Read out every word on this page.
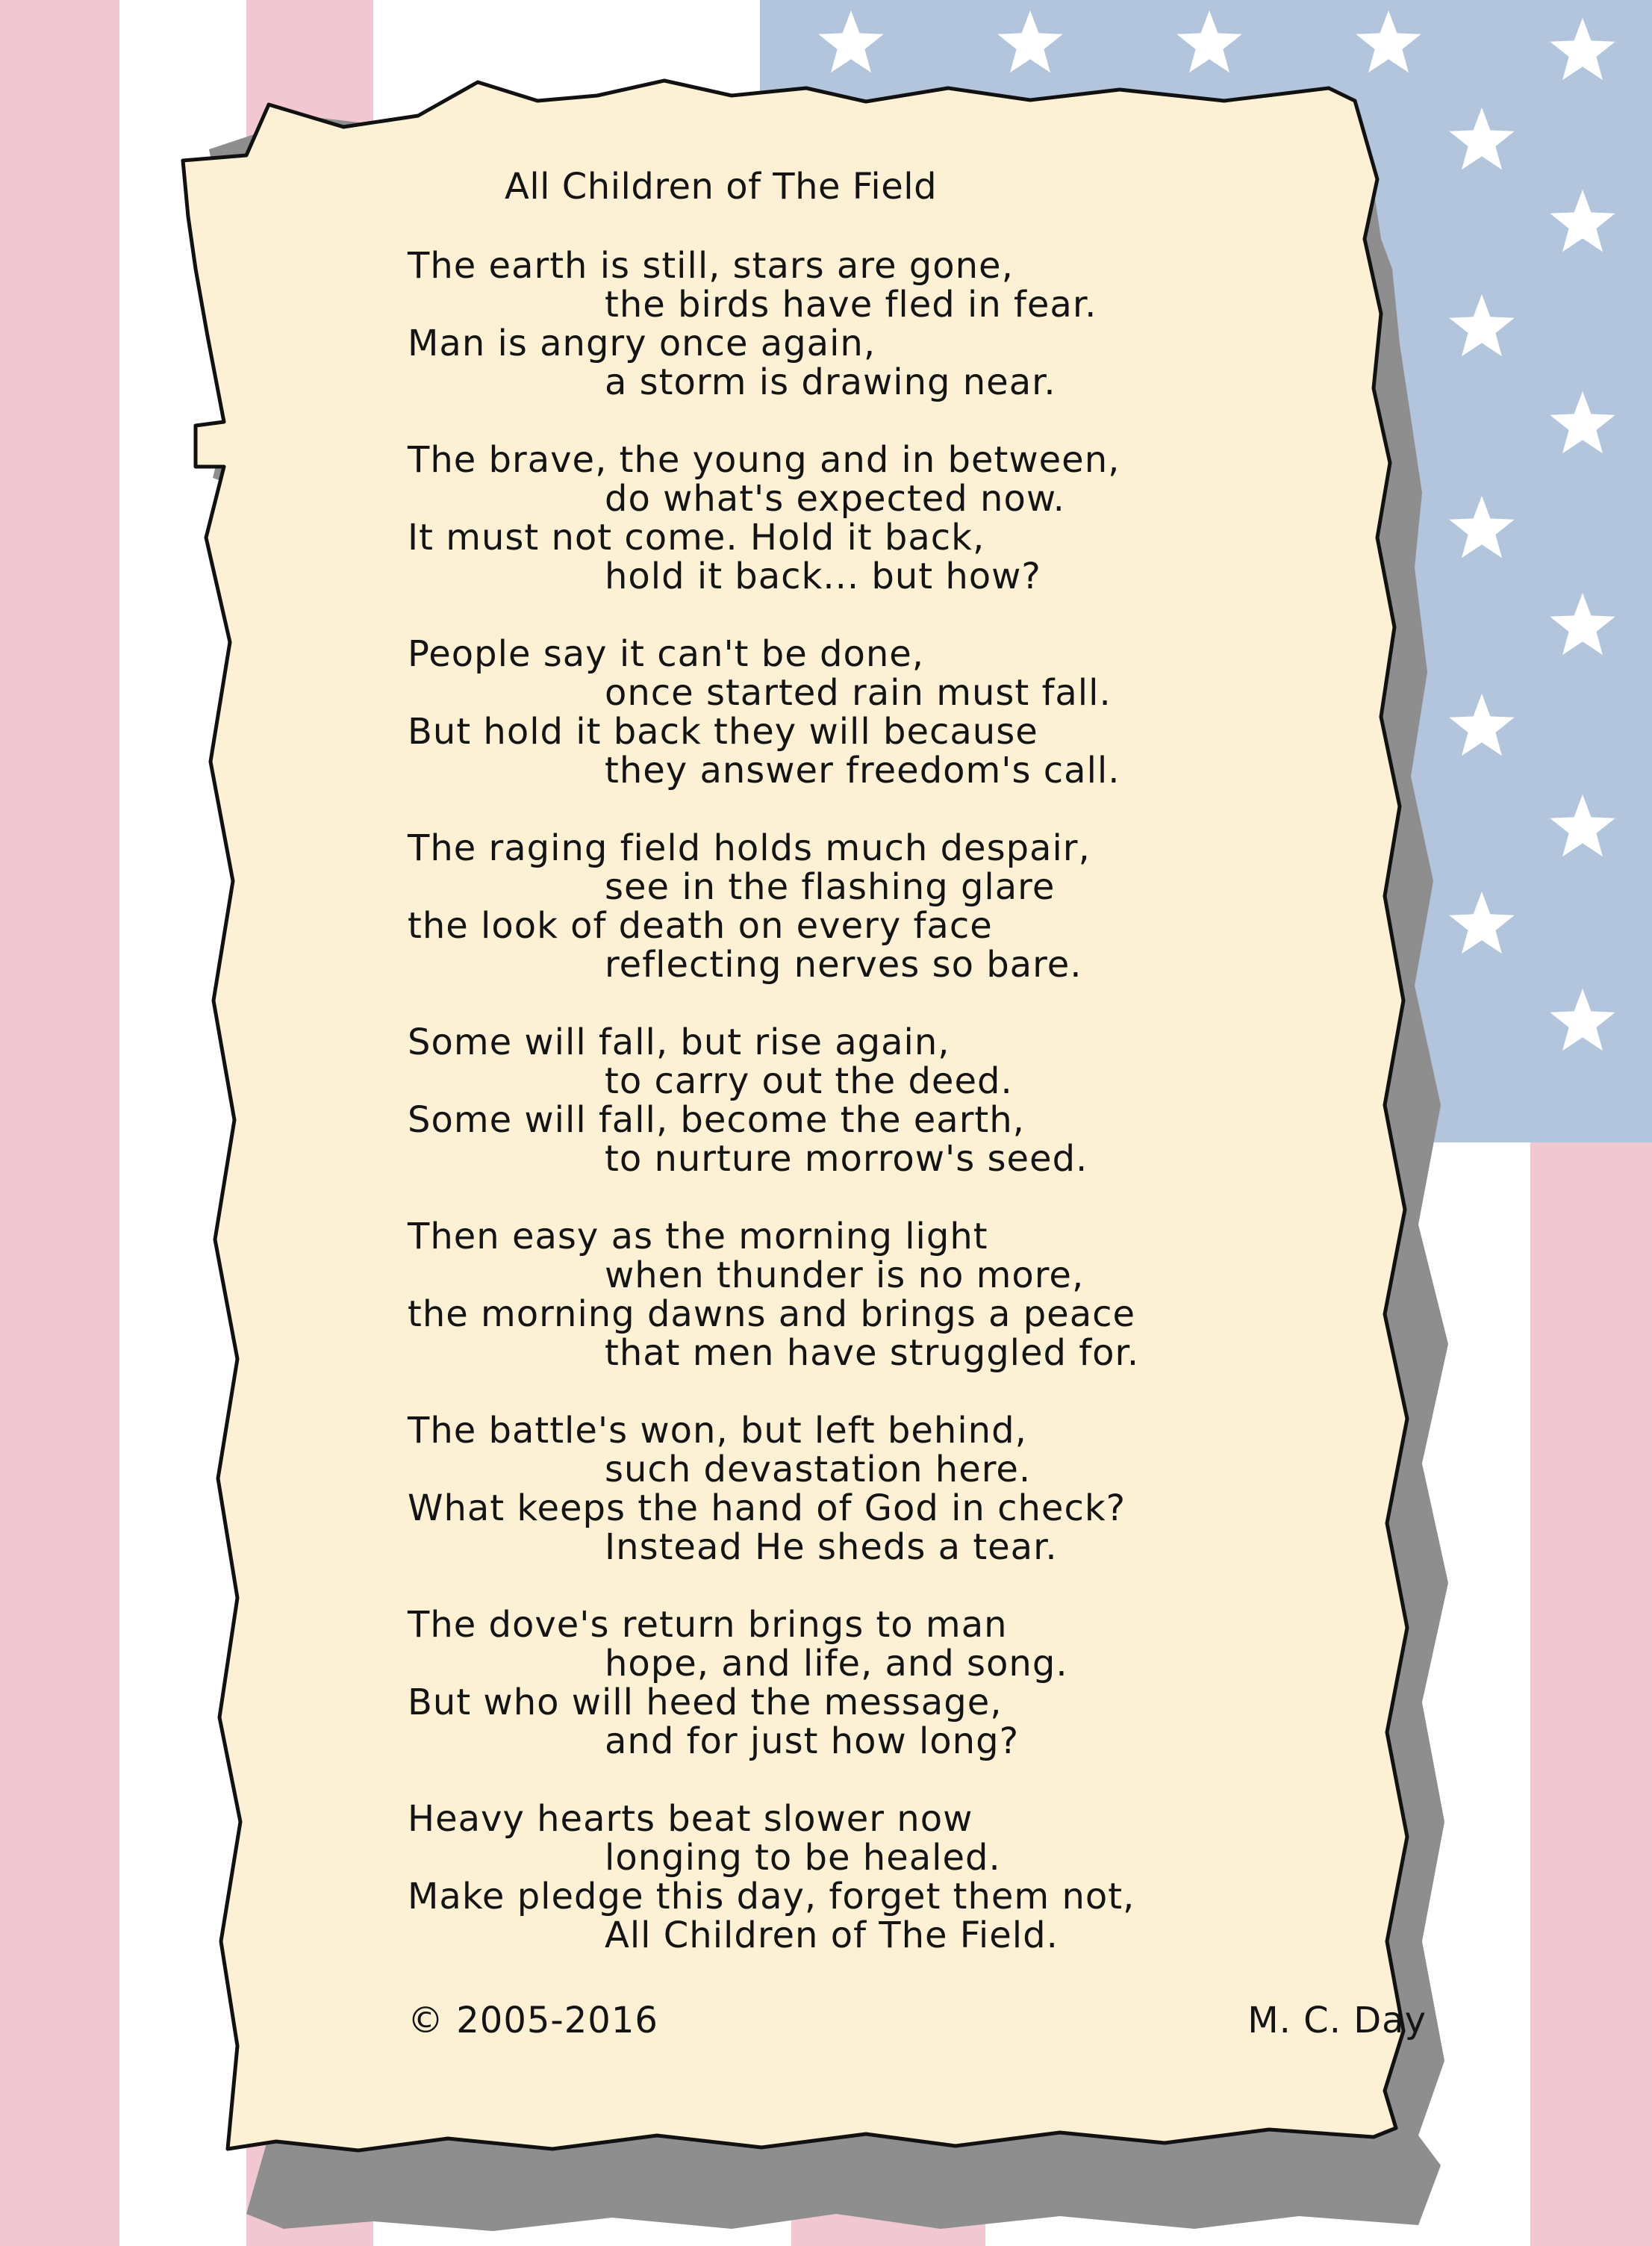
All Children of The Field
The earth is still, stars are gone,
the birds have fled in fear.
Man is angry once again,
a storm is drawing near.
The brave, the young and in between,
do what's expected now.
It must not come. Hold it back,
hold it back... but how?
People say it can't be done,
once started rain must fall.
But hold it back they will because
they answer freedom's call.
The raging field holds much despair,
see in the flashing glare
the look of death on every face
reflecting nerves so bare.
Some will fall, but rise again,
to carry out the deed.
Some will fall, become the earth,
to nurture morrow's seed.
Then easy as the morning light
when thunder is no more,
the morning dawns and brings a peace
that men have struggled for.
The battle's won, but left behind,
such devastation here.
What keeps the hand of God in check?
Instead He sheds a tear.
The dove's return brings to man
hope, and life, and song.
But who will heed the message,
and for just how long?
Heavy hearts beat slower now
longing to be healed.
Make pledge this day, forget them not,
All Children of The Field.
© 2005-2016	M. C. Day
